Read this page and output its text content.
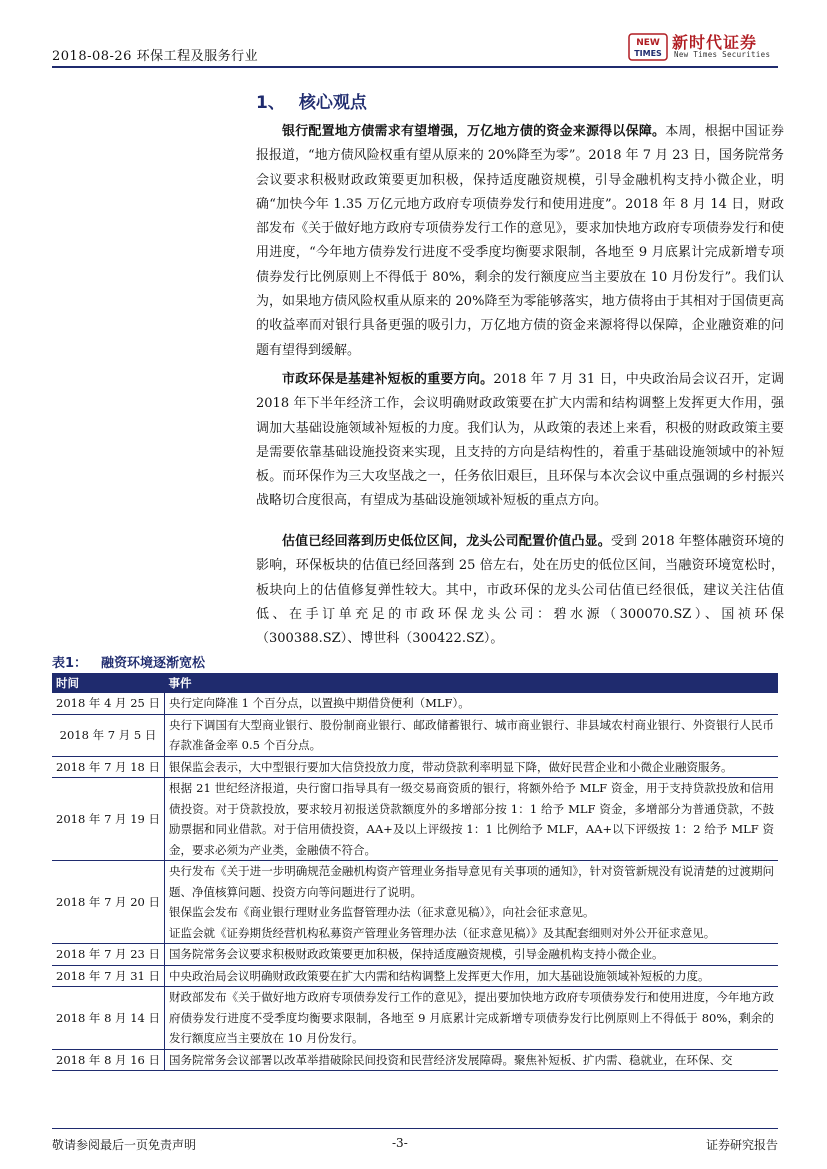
2018-08-26 环保工程及服务行业
NEW
TIMES
新时代证券
New Times Securities
1、 核心观点

银行配置地方债需求有望增强，万亿地方债的资金来源得以保障。本周，根据中国证券报报道，“地方债风险权重有望从原来的 20%降至为零”。2018 年 7 月 23 日，国务院常务会议要求积极财政政策要更加积极，保持适度融资规模，引导金融机构支持小微企业，明确“加快今年 1.35 万亿元地方政府专项债券发行和使用进度”。2018 年 8 月 14 日，财政部发布《关于做好地方政府专项债券发行工作的意见》，要求加快地方政府专项债券发行和使用进度，“今年地方债券发行进度不受季度均衡要求限制，各地至 9 月底累计完成新增专项债券发行比例原则上不得低于 80%，剩余的发行额度应当主要放在 10 月份发行”。我们认为，如果地方债风险权重从原来的 20%降至为零能够落实，地方债将由于其相对于国债更高的收益率而对银行具备更强的吸引力，万亿地方债的资金来源将得以保障，企业融资难的问题有望得到缓解。

市政环保是基建补短板的重要方向。2018 年 7 月 31 日，中央政治局会议召开，定调 2018 年下半年经济工作，会议明确财政政策要在扩大内需和结构调整上发挥更大作用，强调加大基础设施领域补短板的力度。我们认为，从政策的表述上来看，积极的财政政策主要是需要依靠基础设施投资来实现，且支持的方向是结构性的，着重于基础设施领域中的补短板。而环保作为三大攻坚战之一，任务依旧艰巨，且环保与本次会议中重点强调的乡村振兴战略切合度很高，有望成为基础设施领域补短板的重点方向。

估值已经回落到历史低位区间，龙头公司配置价值凸显。受到 2018 年整体融资环境的影响，环保板块的估值已经回落到 25 倍左右，处在历史的低位区间，当融资环境宽松时，板块向上的估值修复弹性较大。其中，市政环保的龙头公司估值已经很低，建议关注估值低、在手订单充足的市政环保龙头公司：碧水源（300070.SZ）、国祯环保（300388.SZ）、博世科（300422.SZ）。

表1： 融资环境逐渐宽松
时间	事件
2018 年 4 月 25 日	央行定向降准 1 个百分点，以置换中期借贷便利（MLF）。

2018 年 7 月 5 日	央行下调国有大型商业银行、股份制商业银行、邮政储蓄银行、城市商业银行、非县域农村商业银行、外资银行人民币存款准备金率 0.5 个百分点。

2018 年 7 月 18 日	银保监会表示，大中型银行要加大信贷投放力度，带动贷款利率明显下降，做好民营企业和小微企业融资服务。

2018 年 7 月 19 日	根据 21 世纪经济报道，央行窗口指导具有一级交易商资质的银行，将额外给予 MLF 资金，用于支持贷款投放和信用债投资。对于贷款投放，要求较月初报送贷款额度外的多增部分按 1：1 给予 MLF 资金，多增部分为普通贷款，不鼓励票据和同业借款。对于信用债投资，AA+及以上评级按 1：1 比例给予 MLF，AA+以下评级按 1：2 给予 MLF 资金，要求必须为产业类，金融债不符合。

2018 年 7 月 20 日	央行发布《关于进一步明确规范金融机构资产管理业务指导意见有关事项的通知》，针对资管新规没有说清楚的过渡期问题、净值核算问题、投资方向等问题进行了说明。
银保监会发布《商业银行理财业务监督管理办法（征求意见稿）》，向社会征求意见。
证监会就《证券期货经营机构私募资产管理业务管理办法（征求意见稿）》及其配套细则对外公开征求意见。

2018 年 7 月 23 日	国务院常务会议要求积极财政政策要更加积极，保持适度融资规模，引导金融机构支持小微企业。

2018 年 7 月 31 日	中央政治局会议明确财政政策要在扩大内需和结构调整上发挥更大作用，加大基础设施领域补短板的力度。

2018 年 8 月 14 日	财政部发布《关于做好地方政府专项债券发行工作的意见》，提出要加快地方政府专项债券发行和使用进度，今年地方政府债券发行进度不受季度均衡要求限制，各地至 9 月底累计完成新增专项债券发行比例原则上不得低于 80%，剩余的发行额度应当主要放在 10 月份发行。

2018 年 8 月 16 日	国务院常务会议部署以改革举措破除民间投资和民营经济发展障碍。聚焦补短板、扩内需、稳就业，在环保、交
敬请参阅最后一页免责声明	-3-	证券研究报告
